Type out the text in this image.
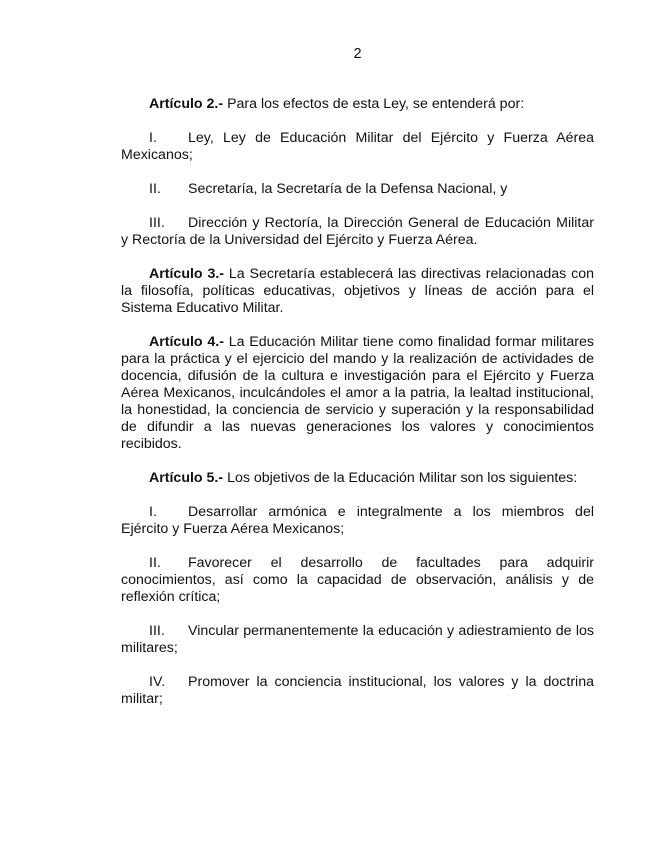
2

Artículo 2.- Para los efectos de esta Ley, se entenderá por:

I. Ley, Ley de Educación Militar del Ejército y Fuerza Aérea Mexicanos;

II. Secretaría, la Secretaría de la Defensa Nacional, y

III. Dirección y Rectoría, la Dirección General de Educación Militar y Rectoría de la Universidad del Ejército y Fuerza Aérea.

Artículo 3.- La Secretaría establecerá las directivas relacionadas con la filosofía, políticas educativas, objetivos y líneas de acción para el Sistema Educativo Militar.

Artículo 4.- La Educación Militar tiene como finalidad formar militares para la práctica y el ejercicio del mando y la realización de actividades de docencia, difusión de la cultura e investigación para el Ejército y Fuerza Aérea Mexicanos, inculcándoles el amor a la patria, la lealtad institucional, la honestidad, la conciencia de servicio y superación y la responsabilidad de difundir a las nuevas generaciones los valores y conocimientos recibidos.

Artículo 5.- Los objetivos de la Educación Militar son los siguientes:

I. Desarrollar armónica e integralmente a los miembros del Ejército y Fuerza Aérea Mexicanos;

II. Favorecer el desarrollo de facultades para adquirir conocimientos, así como la capacidad de observación, análisis y de reflexión crítica;

III. Vincular permanentemente la educación y adiestramiento de los militares;

IV. Promover la conciencia institucional, los valores y la doctrina militar;
